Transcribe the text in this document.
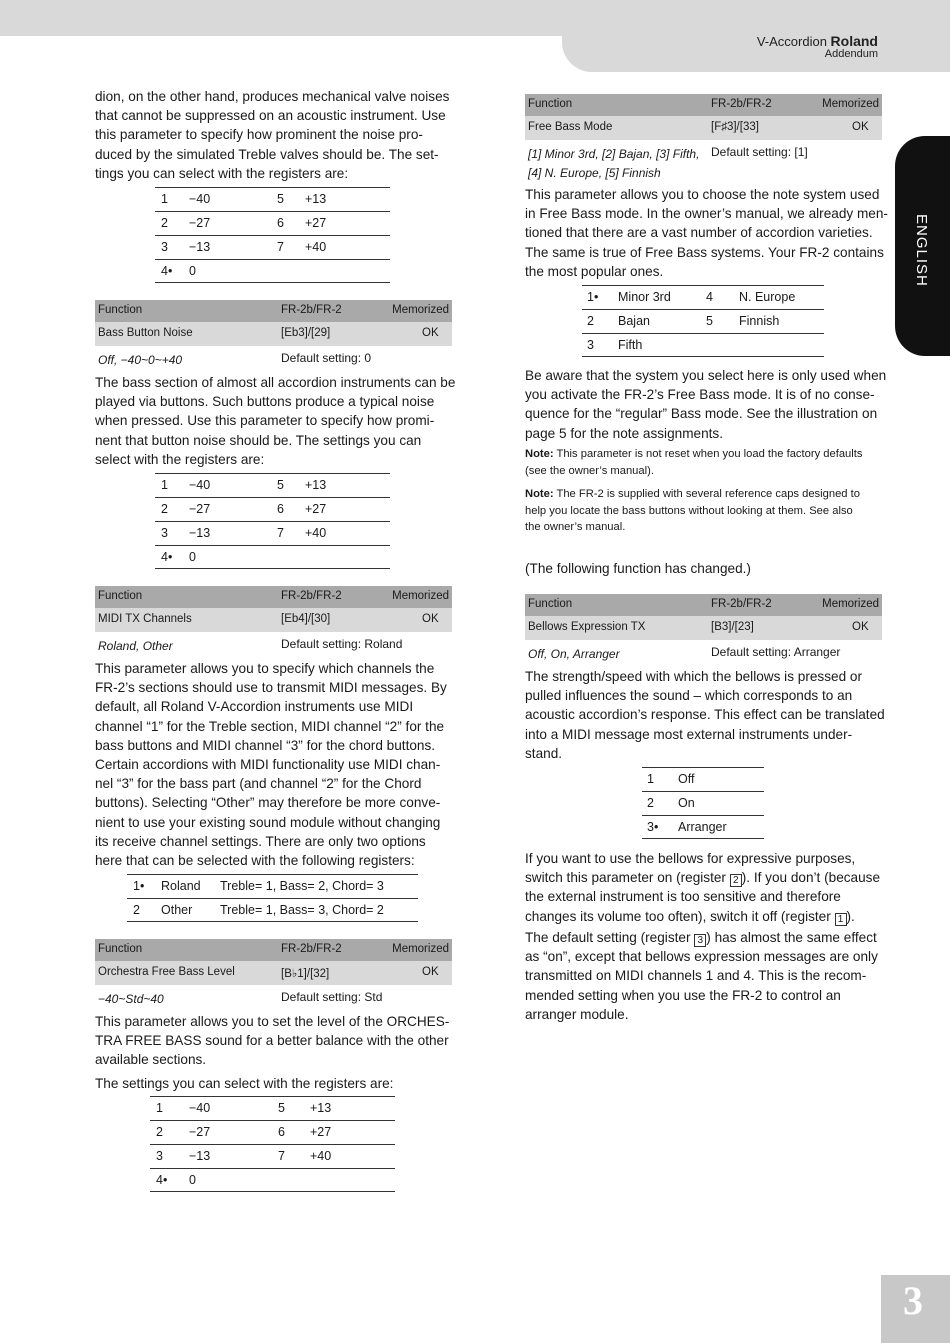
V-Accordion Roland
Addendum
ENGLISH
3
dion, on the other hand, produces mechanical valve noises
that cannot be suppressed on an acoustic instrument. Use
this parameter to specify how prominent the noise pro-
duced by the simulated Treble valves should be. The set-
tings you can select with the registers are:
1 −40	5 +13
2 −27	6 +27
3 −13	7 +40
4• 0
Function	FR-2b/FR-2	Memorized
Bass Button Noise	[Eb3]/[29]	OK
Off, −40~0~+40	Default setting: 0
The bass section of almost all accordion instruments can be
played via buttons. Such buttons produce a typical noise
when pressed. Use this parameter to specify how promi-
nent that button noise should be. The settings you can
select with the registers are:
1 −40	5 +13
2 −27	6 +27
3 −13	7 +40
4• 0
Function	FR-2b/FR-2	Memorized
MIDI TX Channels	[Eb4]/[30]	OK
Roland, Other	Default setting: Roland
This parameter allows you to specify which channels the
FR-2’s sections should use to transmit MIDI messages. By
default, all Roland V-Accordion instruments use MIDI
channel “1” for the Treble section, MIDI channel “2” for the
bass buttons and MIDI channel “3” for the chord buttons.
Certain accordions with MIDI functionality use MIDI chan-
nel “3” for the bass part (and channel “2” for the Chord
buttons). Selecting “Other” may therefore be more conve-
nient to use your existing sound module without changing
its receive channel settings. There are only two options
here that can be selected with the following registers:
1• Roland Treble= 1, Bass= 2, Chord= 3
2 Other Treble= 1, Bass= 3, Chord= 2
Function	FR-2b/FR-2	Memorized
Orchestra Free Bass Level	[B♭1]/[32]	OK
−40~Std~40	Default setting: Std
This parameter allows you to set the level of the ORCHES-
TRA FREE BASS sound for a better balance with the other
available sections.
The settings you can select with the registers are:
1 −40	5 +13
2 −27	6 +27
3 −13	7 +40
4• 0
Function	FR-2b/FR-2	Memorized
Free Bass Mode	[F♯3]/[33]	OK
[1] Minor 3rd, [2] Bajan, [3] Fifth,
[4] N. Europe, [5] Finnish
Default setting: [1]
This parameter allows you to choose the note system used
in Free Bass mode. In the owner’s manual, we already men-
tioned that there are a vast number of accordion varieties.
The same is true of Free Bass systems. Your FR-2 contains
the most popular ones.
1• Minor 3rd	4 N. Europe
2 Bajan	5 Finnish
3 Fifth
Be aware that the system you select here is only used when
you activate the FR-2’s Free Bass mode. It is of no conse-
quence for the “regular” Bass mode. See the illustration on
page 5 for the note assignments.
Note: This parameter is not reset when you load the factory defaults
(see the owner’s manual).
Note: The FR-2 is supplied with several reference caps designed to
help you locate the bass buttons without looking at them. See also
the owner’s manual.
(The following function has changed.)
Function	FR-2b/FR-2	Memorized
Bellows Expression TX	[B3]/[23]	OK
Off, On, Arranger	Default setting: Arranger
The strength/speed with which the bellows is pressed or
pulled influences the sound – which corresponds to an
acoustic accordion’s response. This effect can be translated
into a MIDI message most external instruments under-
stand.
1 Off
2 On
3• Arranger
If you want to use the bellows for expressive purposes,
switch this parameter on (register 2 ). If you don’t (because
the external instrument is too sensitive and therefore
changes its volume too often), switch it off (register 1 ).
The default setting (register 3 ) has almost the same effect
as “on”, except that bellows expression messages are only
transmitted on MIDI channels 1 and 4. This is the recom-
mended setting when you use the FR-2 to control an
arranger module.
